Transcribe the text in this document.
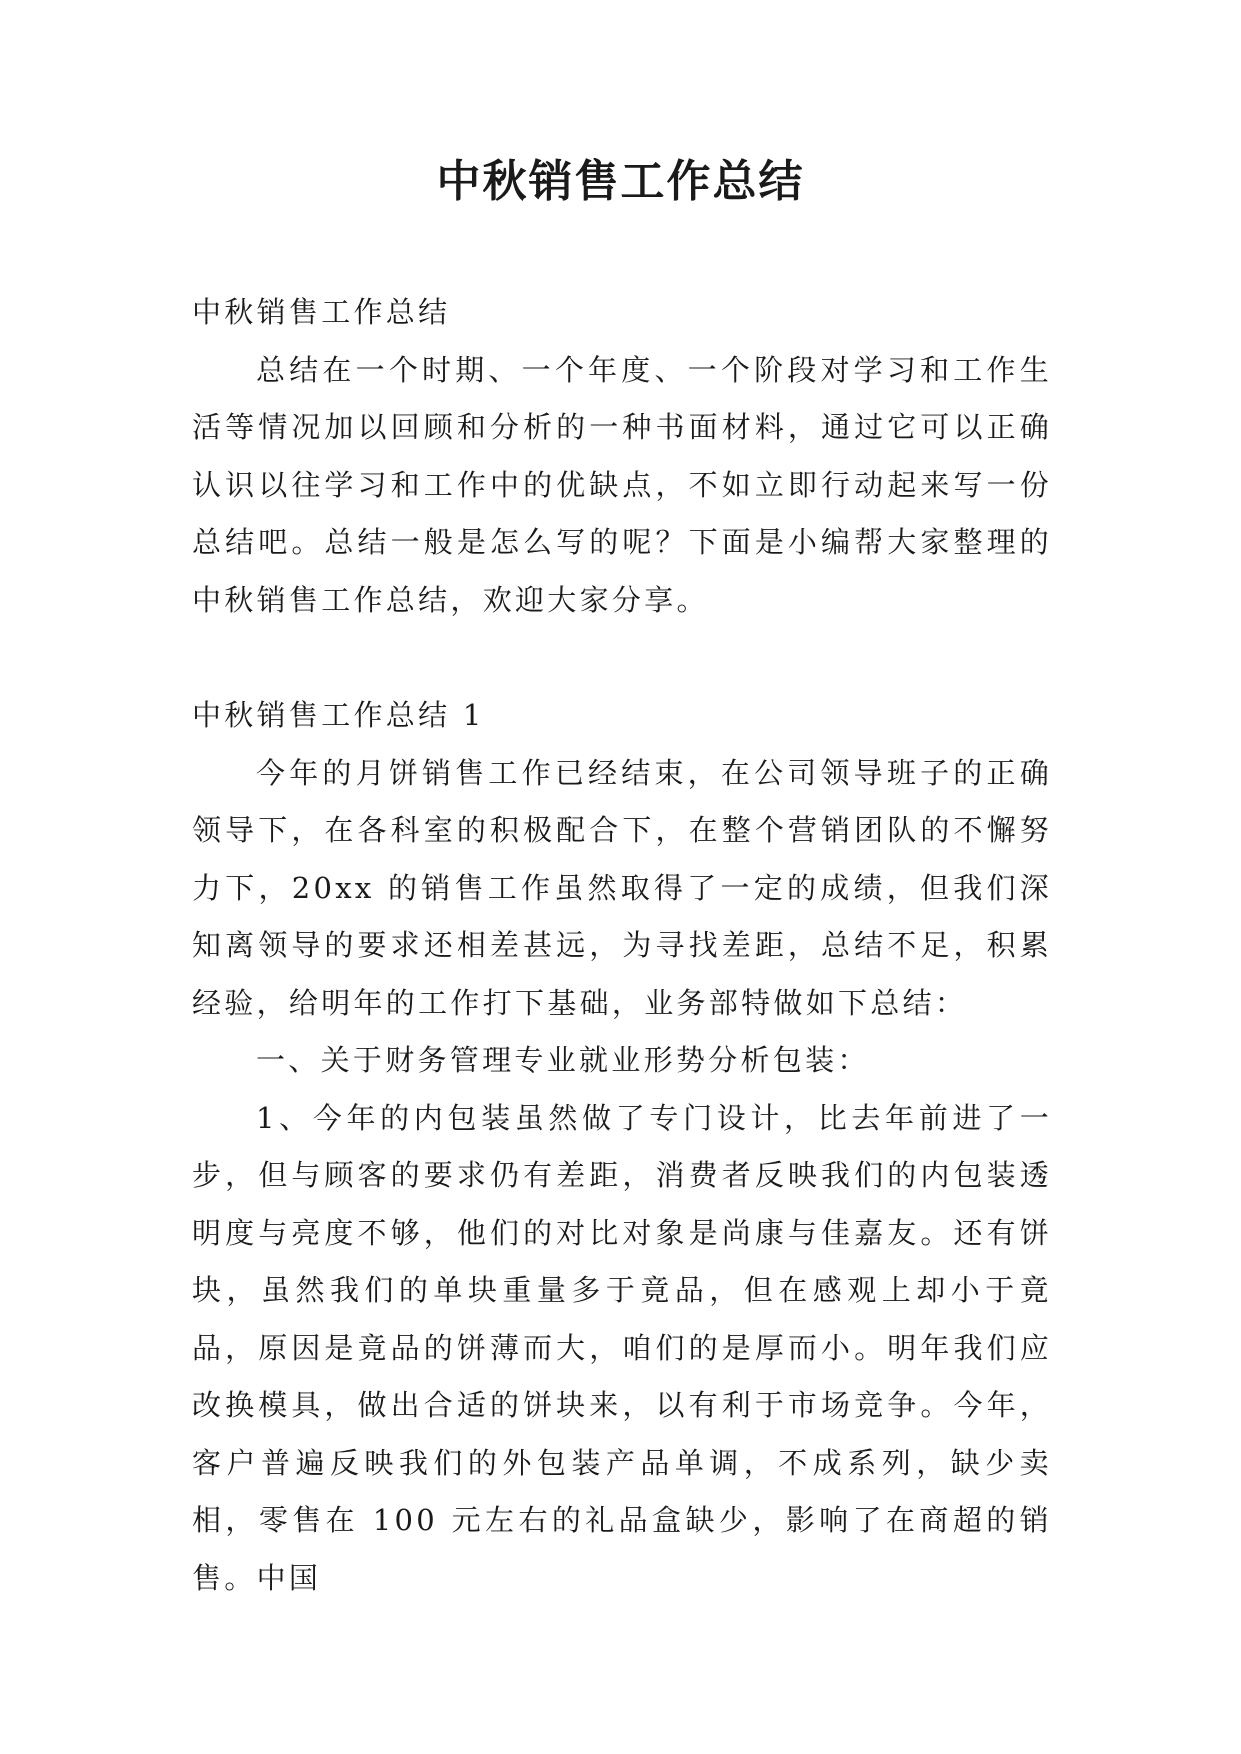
中秋销售工作总结

中秋销售工作总结

总结在一个时期、一个年度、一个阶段对学习和工作生活等情况加以回顾和分析的一种书面材料，通过它可以正确认识以往学习和工作中的优缺点，不如立即行动起来写一份总结吧。总结一般是怎么写的呢？下面是小编帮大家整理的中秋销售工作总结，欢迎大家分享。

中秋销售工作总结 1

今年的月饼销售工作已经结束，在公司领导班子的正确领导下，在各科室的积极配合下，在整个营销团队的不懈努力下，20xx 的销售工作虽然取得了一定的成绩，但我们深知离领导的要求还相差甚远，为寻找差距，总结不足，积累经验，给明年的工作打下基础，业务部特做如下总结：

一、关于财务管理专业就业形势分析包装：

1、今年的内包装虽然做了专门设计，比去年前进了一步，但与顾客的要求仍有差距，消费者反映我们的内包装透明度与亮度不够，他们的对比对象是尚康与佳嘉友。还有饼块，虽然我们的单块重量多于竟品，但在感观上却小于竟品，原因是竟品的饼薄而大，咱们的是厚而小。明年我们应改换模具，做出合适的饼块来，以有利于市场竞争。今年，客户普遍反映我们的外包装产品单调，不成系列，缺少卖相，零售在 100 元左右的礼品盒缺少，影响了在商超的销售。中国
